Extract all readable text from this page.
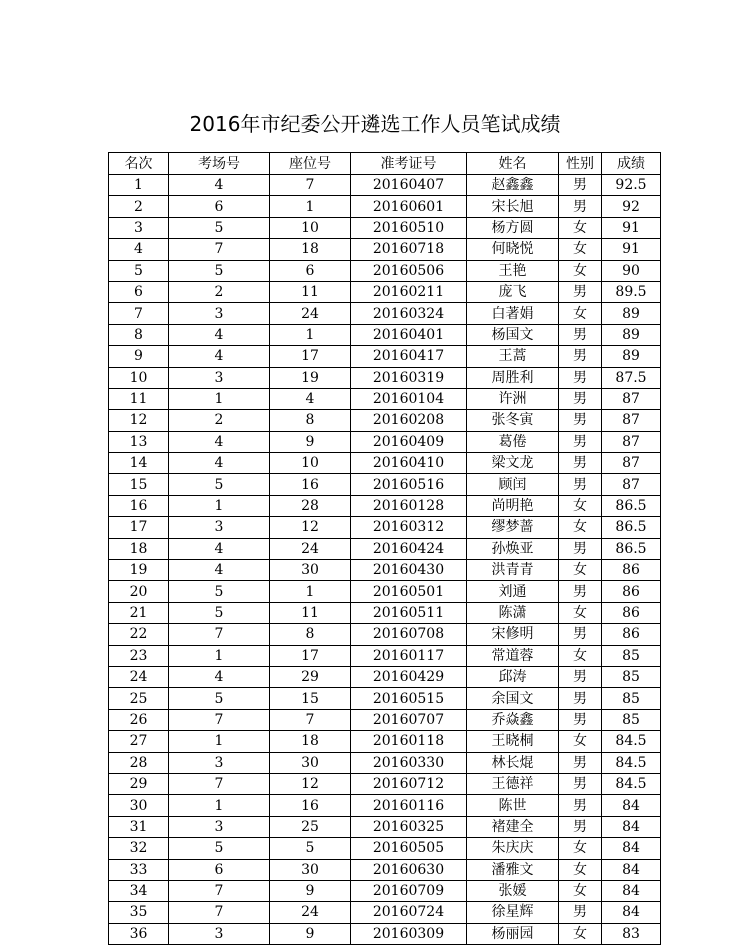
2016年市纪委公开遴选工作人员笔试成绩
名次	考场号	座位号	准考证号	姓名	性别	成绩
1	4	7	20160407	赵鑫鑫	男	92.5
2	6	1	20160601	宋长旭	男	92
3	5	10	20160510	杨方圆	女	91
4	7	18	20160718	何晓悦	女	91
5	5	6	20160506	王艳	女	90
6	2	11	20160211	庞飞	男	89.5
7	3	24	20160324	白著娟	女	89
8	4	1	20160401	杨国文	男	89
9	4	17	20160417	王蒿	男	89
10	3	19	20160319	周胜利	男	87.5
11	1	4	20160104	许洲	男	87
12	2	8	20160208	张冬寅	男	87
13	4	9	20160409	葛倦	男	87
14	4	10	20160410	梁文龙	男	87
15	5	16	20160516	顾闰	男	87
16	1	28	20160128	尚明艳	女	86.5
17	3	12	20160312	缪梦蔷	女	86.5
18	4	24	20160424	孙焕亚	男	86.5
19	4	30	20160430	洪青青	女	86
20	5	1	20160501	刘通	男	86
21	5	11	20160511	陈潇	女	86
22	7	8	20160708	宋修明	男	86
23	1	17	20160117	常道蓉	女	85
24	4	29	20160429	邱涛	男	85
25	5	15	20160515	余国文	男	85
26	7	7	20160707	乔焱鑫	男	85
27	1	18	20160118	王晓桐	女	84.5
28	3	30	20160330	林长焜	男	84.5
29	7	12	20160712	王德祥	男	84.5
30	1	16	20160116	陈世	男	84
31	3	25	20160325	褚建全	男	84
32	5	5	20160505	朱庆庆	女	84
33	6	30	20160630	潘雅文	女	84
34	7	9	20160709	张媛	女	84
35	7	24	20160724	徐星辉	男	84
36	3	9	20160309	杨丽园	女	83
